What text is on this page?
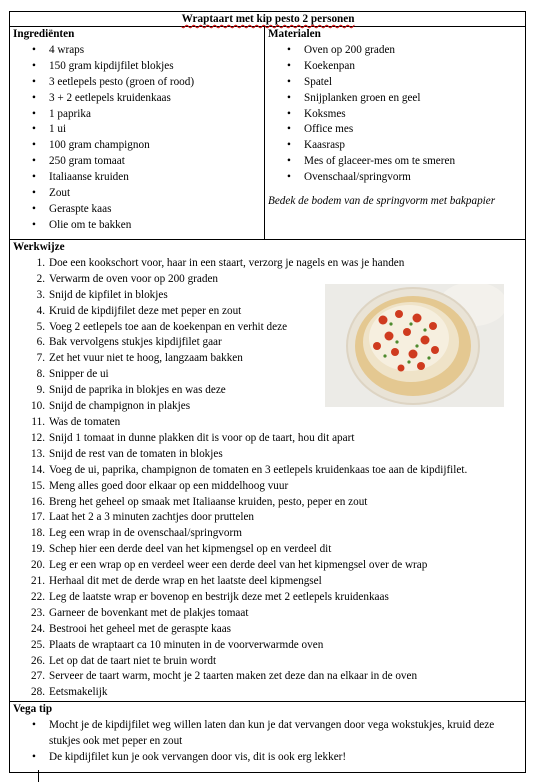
Wraptaart met kip pesto 2 personen

Ingrediënten
• 4 wraps
• 150 gram kipdijfilet blokjes
• 3 eetlepels pesto (groen of rood)
• 3 + 2 eetlepels kruidenkaas
• 1 paprika
• 1 ui
• 100 gram champignon
• 250 gram tomaat
• Italiaanse kruiden
• Zout
• Geraspte kaas
• Olie om te bakken

Materialen
• Oven op 200 graden
• Koekenpan
• Spatel
• Snijplanken groen en geel
• Koksmes
• Office mes
• Kaasrasp
• Mes of glaceer-mes om te smeren
• Ovenschaal/springvorm
Bedek de bodem van de springvorm met bakpapier

Werkwijze
1. Doe een kookschort voor, haar in een staart, verzorg je nagels en was je handen
2. Verwarm de oven voor op 200 graden
3. Snijd de kipfilet in blokjes
4. Kruid de kipdijfilet deze met peper en zout
5. Voeg 2 eetlepels toe aan de koekenpan en verhit deze
6. Bak vervolgens stukjes kipdijfilet gaar
7. Zet het vuur niet te hoog, langzaam bakken
8. Snipper de ui
9. Snijd de paprika in blokjes en was deze
10. Snijd de champignon in plakjes
11. Was de tomaten
12. Snijd 1 tomaat in dunne plakken dit is voor op de taart, hou dit apart
13. Snijd de rest van de tomaten in blokjes
14. Voeg de ui, paprika, champignon de tomaten en 3 eetlepels kruidenkaas toe aan de kipdijfilet.
15. Meng alles goed door elkaar op een middelhoog vuur
16. Breng het geheel op smaak met Italiaanse kruiden, pesto, peper en zout
17. Laat het 2 a 3 minuten zachtjes door pruttelen
18. Leg een wrap in de ovenschaal/springvorm
19. Schep hier een derde deel van het kipmengsel op en verdeel dit
20. Leg er een wrap op en verdeel weer een derde deel van het kipmengsel over de wrap
21. Herhaal dit met de derde wrap en het laatste deel kipmengsel
22. Leg de laatste wrap er bovenop en bestrijk deze met 2 eetlepels kruidenkaas
23. Garneer de bovenkant met de plakjes tomaat
24. Bestrooi het geheel met de geraspte kaas
25. Plaats de wraptaart ca 10 minuten in de voorverwarmde oven
26. Let op dat de taart niet te bruin wordt
27. Serveer de taart warm, mocht je 2 taarten maken zet deze dan na elkaar in de oven
28. Eetsmakelijk

Vega tip
• Mocht je de kipdijfilet weg willen laten dan kun je dat vervangen door vega wokstukjes, kruid deze stukjes ook met peper en zout
• De kipdijfilet kun je ook vervangen door vis, dit is ook erg lekker!
